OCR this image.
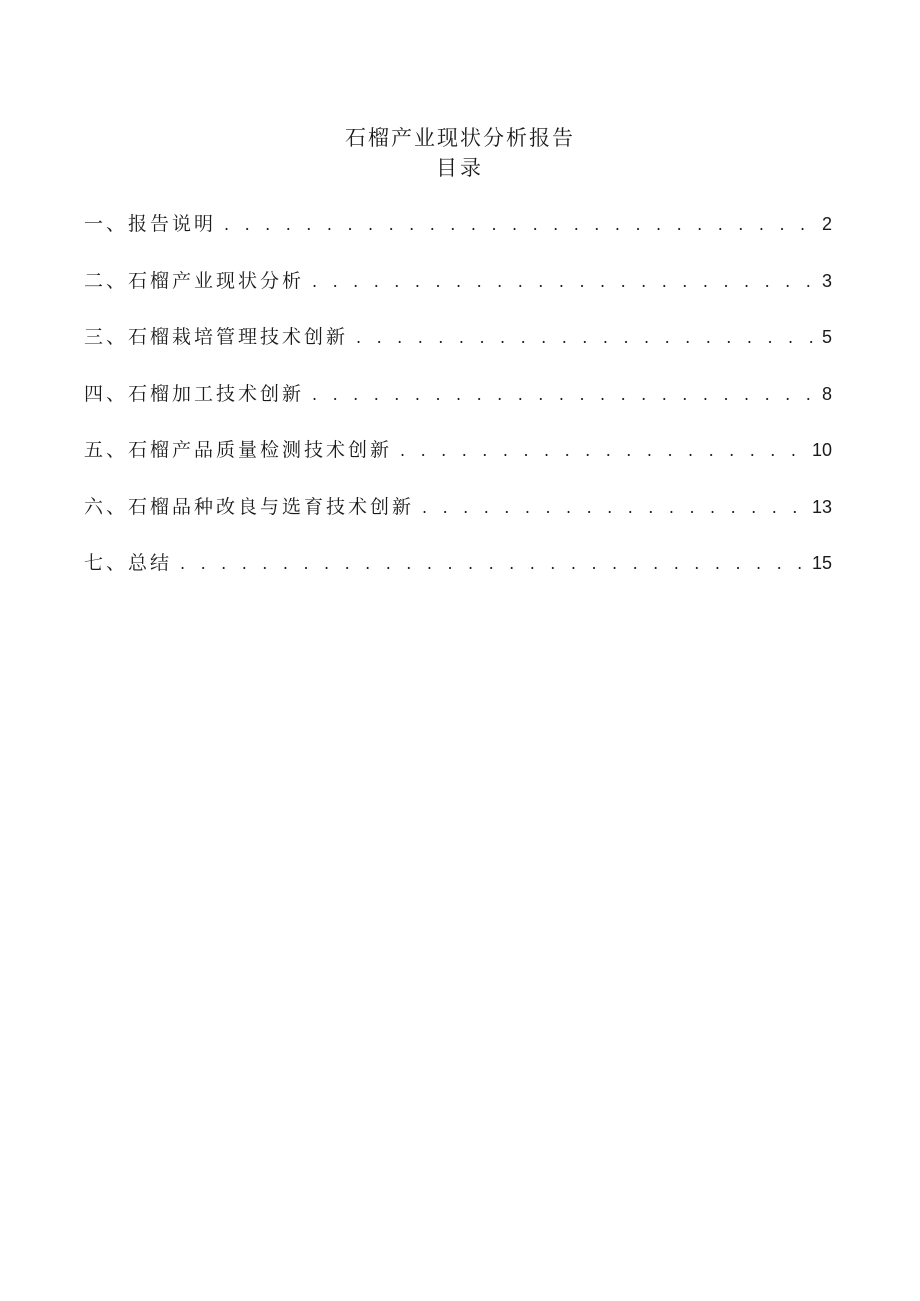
石榴产业现状分析报告
目录
一、报告说明 . . .	2
二、石榴产业现状分析 . . .	3
三、石榴栽培管理技术创新 . . .	5
四、石榴加工技术创新 . . .	8
五、石榴产品质量检测技术创新 . . .	10
六、石榴品种改良与选育技术创新 . . .	13
七、总结 . . .	15
